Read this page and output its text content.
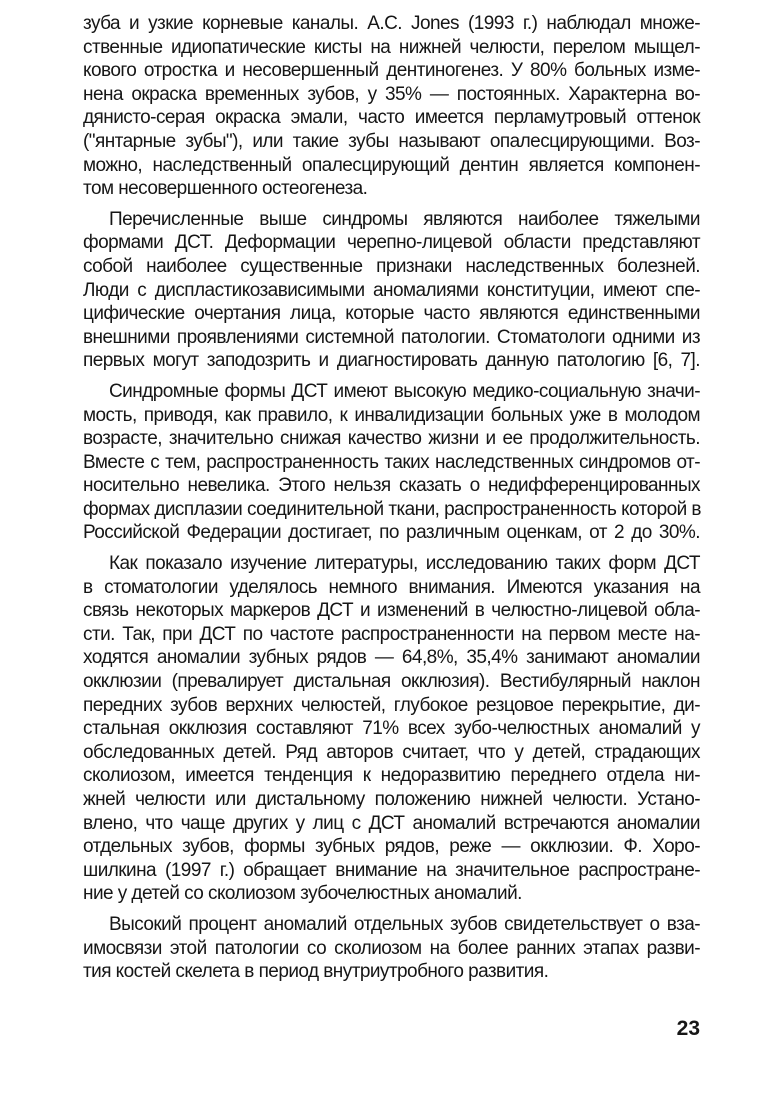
зуба и узкие корневые каналы. А.С. Jones (1993 г.) наблюдал множе-
ственные идиопатические кисты на нижней челюсти, перелом мыщел-
кового отростка и несовершенный дентиногенез. У 80% больных изме-
нена окраска временных зубов, у 35% — постоянных. Характерна во-
дянисто-серая окраска эмали, часто имеется перламутровый оттенок
("янтарные зубы"), или такие зубы называют опалесцирующими. Воз-
можно, наследственный опалесцирующий дентин является компонен-
том несовершенного остеогенеза.
Перечисленные выше синдромы являются наиболее тяжелыми
формами ДСТ. Деформации черепно-лицевой области представляют
собой наиболее существенные признаки наследственных болезней.
Люди с диспластикозависимыми аномалиями конституции, имеют спе-
цифические очертания лица, которые часто являются единственными
внешними проявлениями системной патологии. Стоматологи одними из
первых могут заподозрить и диагностировать данную патологию [6, 7].
Синдромные формы ДСТ имеют высокую медико-социальную значи-
мость, приводя, как правило, к инвалидизации больных уже в молодом
возрасте, значительно снижая качество жизни и ее продолжительность.
Вместе с тем, распространенность таких наследственных синдромов от-
носительно невелика. Этого нельзя сказать о недифференцированных
формах дисплазии соединительной ткани, распространенность которой в
Российской Федерации достигает, по различным оценкам, от 2 до 30%.
Как показало изучение литературы, исследованию таких форм ДСТ
в стоматологии уделялось немного внимания. Имеются указания на
связь некоторых маркеров ДСТ и изменений в челюстно-лицевой обла-
сти. Так, при ДСТ по частоте распространенности на первом месте на-
ходятся аномалии зубных рядов — 64,8%, 35,4% занимают аномалии
окклюзии (превалирует дистальная окклюзия). Вестибулярный наклон
передних зубов верхних челюстей, глубокое резцовое перекрытие, ди-
стальная окклюзия составляют 71% всех зубо-челюстных аномалий у
обследованных детей. Ряд авторов считает, что у детей, страдающих
сколиозом, имеется тенденция к недоразвитию переднего отдела ни-
жней челюсти или дистальному положению нижней челюсти. Устано-
влено, что чаще других у лиц с ДСТ аномалий встречаются аномалии
отдельных зубов, формы зубных рядов, реже — окклюзии. Ф. Хоро-
шилкина (1997 г.) обращает внимание на значительное распростране-
ние у детей со сколиозом зубочелюстных аномалий.
Высокий процент аномалий отдельных зубов свидетельствует о вза-
имосвязи этой патологии со сколиозом на более ранних этапах разви-
тия костей скелета в период внутриутробного развития.
23
